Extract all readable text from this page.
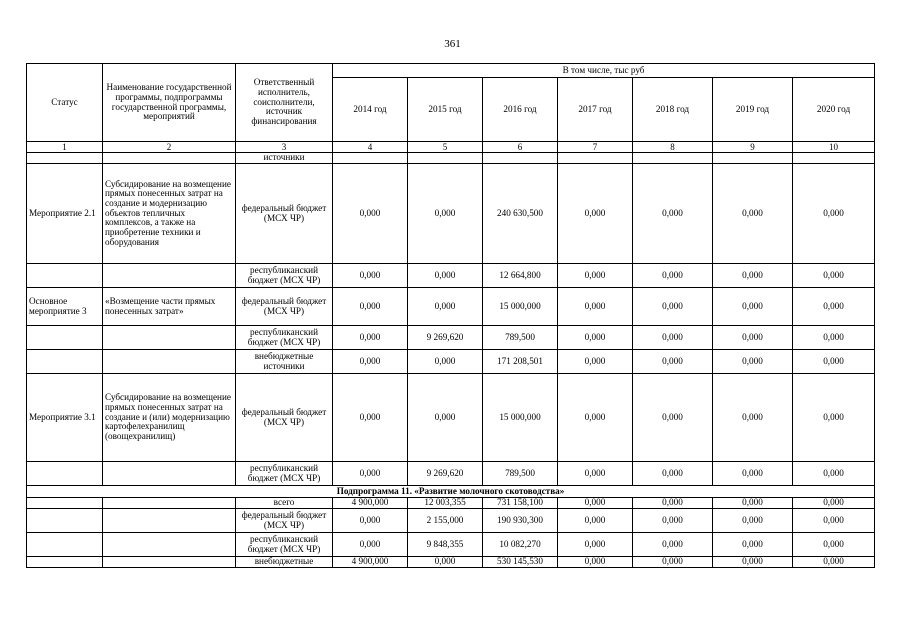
361
Статус	Наименование государственной программы, подпрограммы государственной программы, мероприятий	Ответственный исполнитель, соисполнители, источник финансирования	В том числе, тыс руб						
			2014 год	2015 год	2016 год	2017 год	2018 год	2019 год	2020 год
1	2	3	4	5	6	7	8	9	10
		источники							
Мероприятие 2.1	Субсидирование на возмещение прямых понесенных затрат на создание и модернизацию объектов тепличных комплексов, а также на приобретение техники и оборудования	федеральный бюджет (МСХ ЧР)	0,000	0,000	240 630,500	0,000	0,000	0,000	0,000
		республиканский бюджет (МСХ ЧР)	0,000	0,000	12 664,800	0,000	0,000	0,000	0,000
Основное мероприятие 3	«Возмещение части прямых понесенных затрат»	федеральный бюджет (МСХ ЧР)	0,000	0,000	15 000,000	0,000	0,000	0,000	0,000
		республиканский бюджет (МСХ ЧР)	0,000	9 269,620	789,500	0,000	0,000	0,000	0,000
		внебюджетные источники	0,000	0,000	171 208,501	0,000	0,000	0,000	0,000
Мероприятие 3.1	Субсидирование на возмещение прямых понесенных затрат на создание и (или) модернизацию картофелехранилищ (овощехранилищ)	федеральный бюджет (МСХ ЧР)	0,000	0,000	15 000,000	0,000	0,000	0,000	0,000
		республиканский бюджет (МСХ ЧР)	0,000	9 269,620	789,500	0,000	0,000	0,000	0,000
Подпрограмма 11. «Развитие молочного скотоводства»									
		всего	4 900,000	12 003,355	731 158,100	0,000	0,000	0,000	0,000
		федеральный бюджет (МСХ ЧР)	0,000	2 155,000	190 930,300	0,000	0,000	0,000	0,000
		республиканский бюджет (МСХ ЧР)	0,000	9 848,355	10 082,270	0,000	0,000	0,000	0,000
		внебюджетные	4 900,000	0,000	530 145,530	0,000	0,000	0,000	0,000
